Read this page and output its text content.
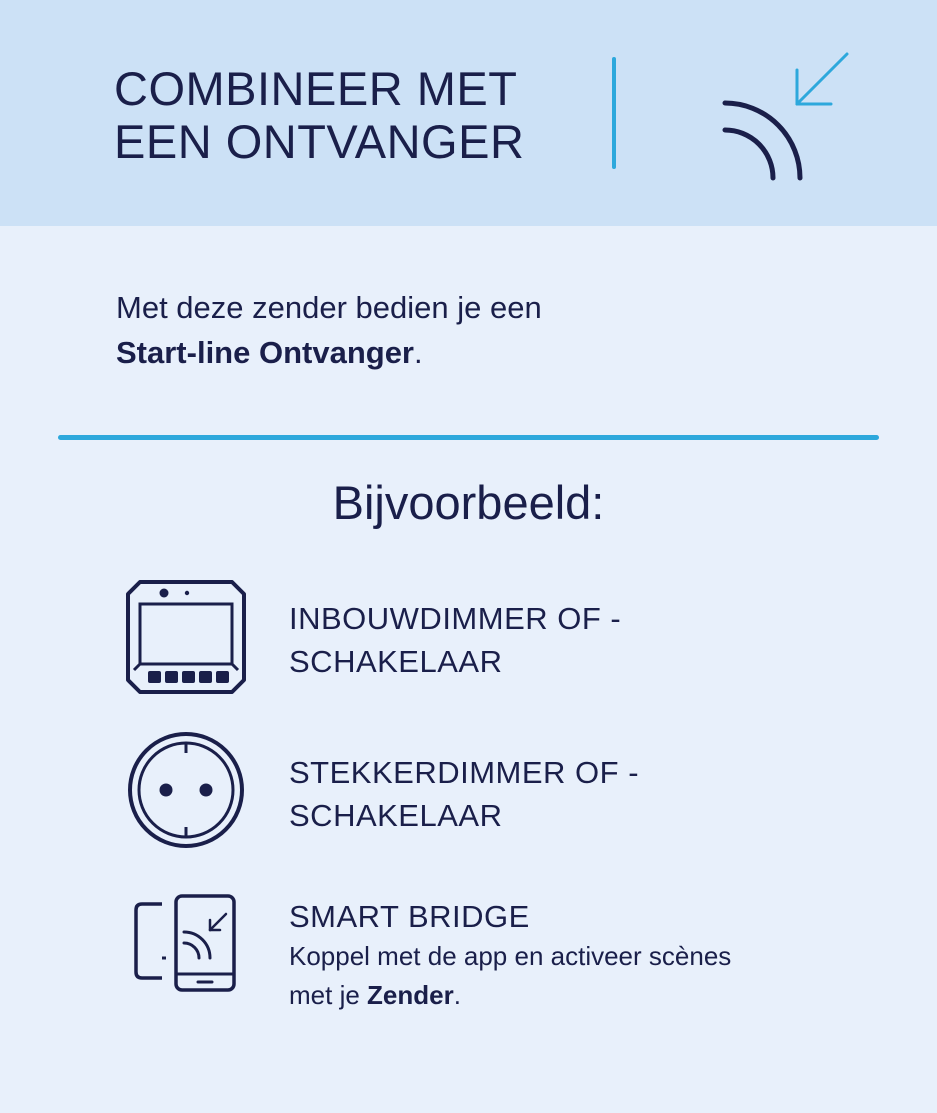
COMBINEER MET
EEN ONTVANGER
Met deze zender bedien je een
Start-line Ontvanger.
Bijvoorbeeld:
INBOUWDIMMER OF -
SCHAKELAAR
STEKKERDIMMER OF -
SCHAKELAAR
SMART BRIDGE
Koppel met de app en activeer scènes
met je Zender.
